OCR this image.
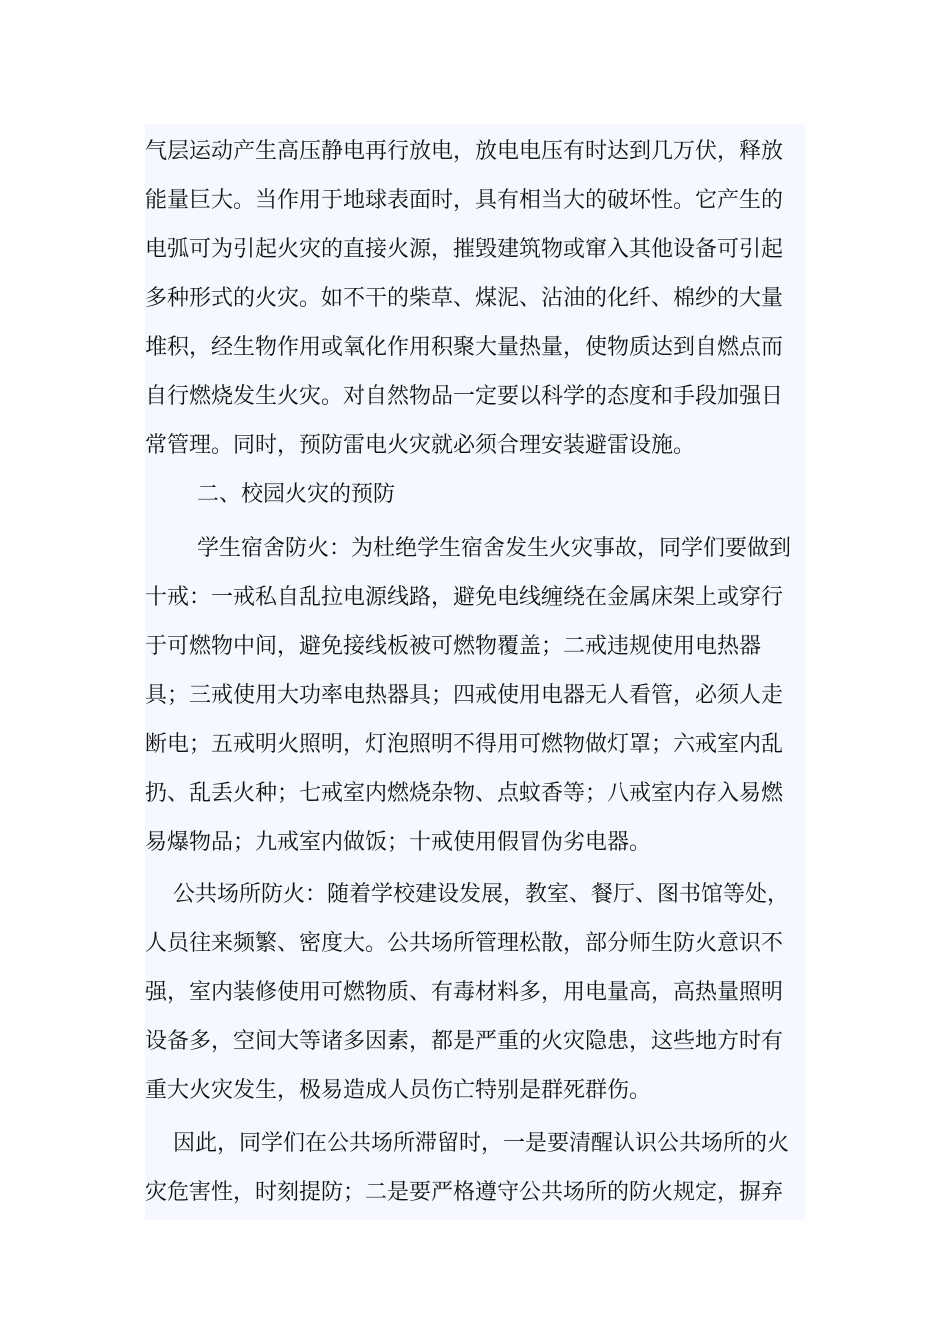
气层运动产生高压静电再行放电，放电电压有时达到几万伏，释放
能量巨大。当作用于地球表面时，具有相当大的破坏性。它产生的
电弧可为引起火灾的直接火源，摧毁建筑物或窜入其他设备可引起
多种形式的火灾。如不干的柴草、煤泥、沾油的化纤、棉纱的大量
堆积，经生物作用或氧化作用积聚大量热量，使物质达到自燃点而
自行燃烧发生火灾。对自然物品一定要以科学的态度和手段加强日
常管理。同时，预防雷电火灾就必须合理安装避雷设施。
二、校园火灾的预防
学生宿舍防火：为杜绝学生宿舍发生火灾事故，同学们要做到
十戒：一戒私自乱拉电源线路，避免电线缠绕在金属床架上或穿行
于可燃物中间，避免接线板被可燃物覆盖；二戒违规使用电热器
具；三戒使用大功率电热器具；四戒使用电器无人看管，必须人走
断电；五戒明火照明，灯泡照明不得用可燃物做灯罩；六戒室内乱
扔、乱丢火种；七戒室内燃烧杂物、点蚊香等；八戒室内存入易燃
易爆物品；九戒室内做饭；十戒使用假冒伪劣电器。
公共场所防火：随着学校建设发展，教室、餐厅、图书馆等处，
人员往来频繁、密度大。公共场所管理松散，部分师生防火意识不
强，室内装修使用可燃物质、有毒材料多，用电量高，高热量照明
设备多，空间大等诸多因素，都是严重的火灾隐患，这些地方时有
重大火灾发生，极易造成人员伤亡特别是群死群伤。
因此，同学们在公共场所滞留时，一是要清醒认识公共场所的火
灾危害性，时刻提防；二是要严格遵守公共场所的防火规定，摒弃
